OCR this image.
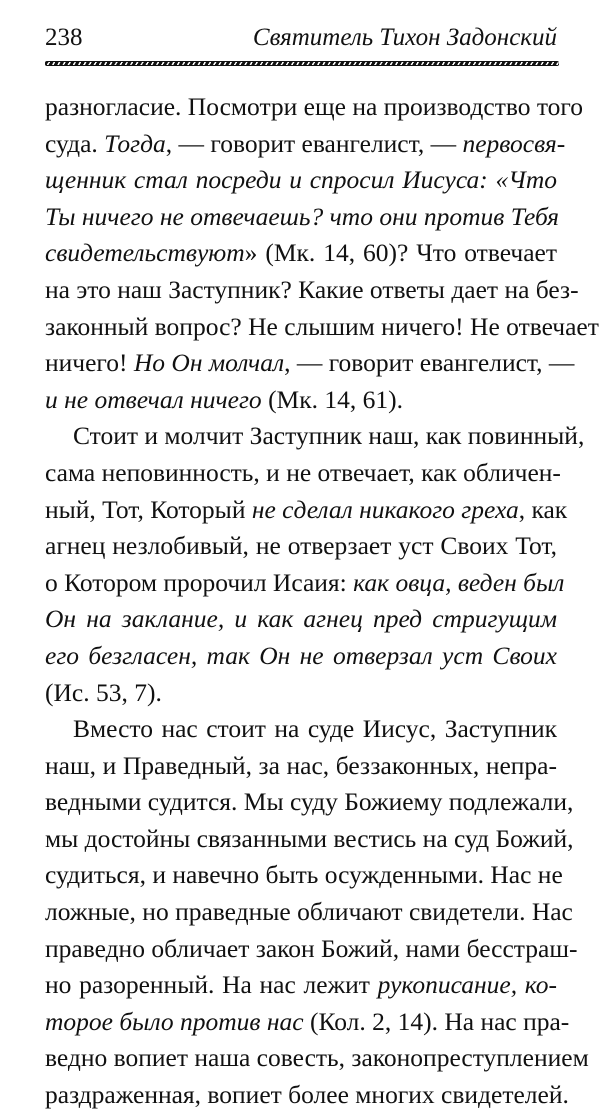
238	Святитель Тихон Задонский
разногласие. Посмотри еще на производство того
суда. Тогда, — говорит евангелист, — первосвя-
щенник стал посреди и спросил Иисуса: «Что
Ты ничего не отвечаешь? что они против Тебя
свидетельствуют» (Мк. 14, 60)? Что отвечает
на это наш Заступник? Какие ответы дает на без-
законный вопрос? Не слышим ничего! Не отвечает
ничего! Но Он молчал, — говорит евангелист, —
и не отвечал ничего (Мк. 14, 61).
Стоит и молчит Заступник наш, как повинный,
сама неповинность, и не отвечает, как обличен-
ный, Тот, Который не сделал никакого греха, как
агнец незлобивый, не отверзает уст Своих Тот,
о Котором пророчил Исаия: как овца, веден был
Он на заклание, и как агнец пред стригущим
его безгласен, так Он не отверзал уст Своих
(Ис. 53, 7).
Вместо нас стоит на суде Иисус, Заступник
наш, и Праведный, за нас, беззаконных, непра-
ведными судится. Мы суду Божиему подлежали,
мы достойны связанными вестись на суд Божий,
судиться, и навечно быть осужденными. Нас не
ложные, но праведные обличают свидетели. Нас
праведно обличает закон Божий, нами бесстраш-
но разоренный. На нас лежит рукописание, ко-
торое было против нас (Кол. 2, 14). На нас пра-
ведно вопиет наша совесть, законопреступлением
раздраженная, вопиет более многих свидетелей.
